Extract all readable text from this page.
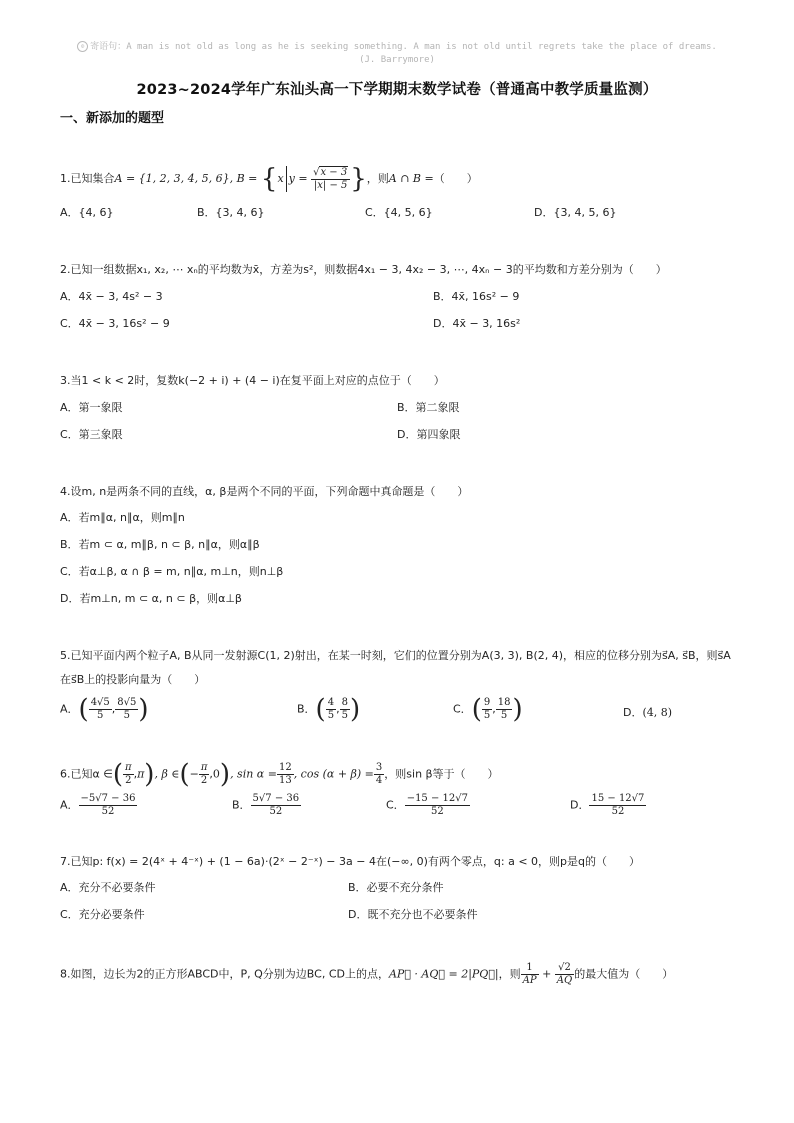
⊙ 寄语句：A man is not old as long as he is seeking something. A man is not old until regrets take the place of dreams.
(J. Barrymore)
2023~2024学年广东汕头高一下学期期末数学试卷（普通高中教学质量监测）
一、新添加的题型
1.已知集合A = {1, 2, 3, 4, 5, 6}, B = {x $y = \frac{√x - 3}{|x| - 5}$ }，则A ∩ B =（　　）
A．{4, 6}	B．{3, 4, 6}	C．{4, 5, 6}	D．{3, 4, 5, 6}
2.已知一组数据x₁, x₂, ⋯ xₙ的平均数为x̄，方差为s²，则数据4x₁ − 3, 4x₂ − 3, ⋯, 4xₙ − 3的平均数和方差分别为（　　）
A．4x̄ − 3, 4s² − 3	B．4x̄, 16s² − 9
C．4x̄ − 3, 16s² − 9	D．4x̄ − 3, 16s²
3.当1 < k < 2时，复数k(−2 + i) + (4 − i)在复平面上对应的点位于（　　）
A．第一象限	B．第二象限
C．第三象限	D．第四象限
4.设m, n是两条不同的直线，α, β是两个不同的平面，下列命题中真命题是（　　）
A．若m∥α, n∥α，则m∥n
B．若m ⊂ α, m∥β, n ⊂ β, n∥α，则α∥β
C．若α⊥β, α ∩ β = m, n∥α, m⊥n，则n⊥β
D．若m⊥n, m ⊂ α, n ⊂ β，则α⊥β
5.已知平面内两个粒子A, B从同一发射源C(1, 2)射出，在某一时刻，它们的位置分别为A(3, 3), B(2, 4)，相应的位移分别为s⃗A, s⃗B，则s⃗A
在s⃗B上的投影向量为（　　）
A．( $\frac{4√5}{5}$ , $\frac{8√5}{5}$ )	B．( $\frac{4}{5}$ , $\frac{8}{5}$ )	C．( $\frac{9}{5}$ , $\frac{18}{5}$ )	D．(4, 8)
6.已知α ∈( $\frac{\pi}{2} ,\pi$), β ∈(− $\frac{\pi}{2} ,0$), $\sin \alpha = \frac{12}{13}$ , $\cos (\alpha + \beta) = \frac{3}{4}$ ，则sin β等于（　　）
A． $\frac{-5√7 - 36}{52}$	B． $\frac{5√7 - 36}{52}$	C． $\frac{-15 - 12√7}{52}$	D． $\frac{15 - 12√7}{52}$
7.已知p: f(x) = 2(4ˣ + 4⁻ˣ) + (1 − 6a)·(2ˣ − 2⁻ˣ) − 3a − 4在(−∞, 0)有两个零点，q: a < 0，则p是q的（　　）
A．充分不必要条件	B．必要不充分条件
C．充分必要条件	D．既不充分也不必要条件
8.如图，边长为2的正方形ABCD中，P, Q分别为边BC, CD上的点，AP⃗ · AQ⃗ = 2|PQ⃗|，则 $\frac{1}{AP} + \frac{√2}{AQ}$ 的最大值为（　　）
